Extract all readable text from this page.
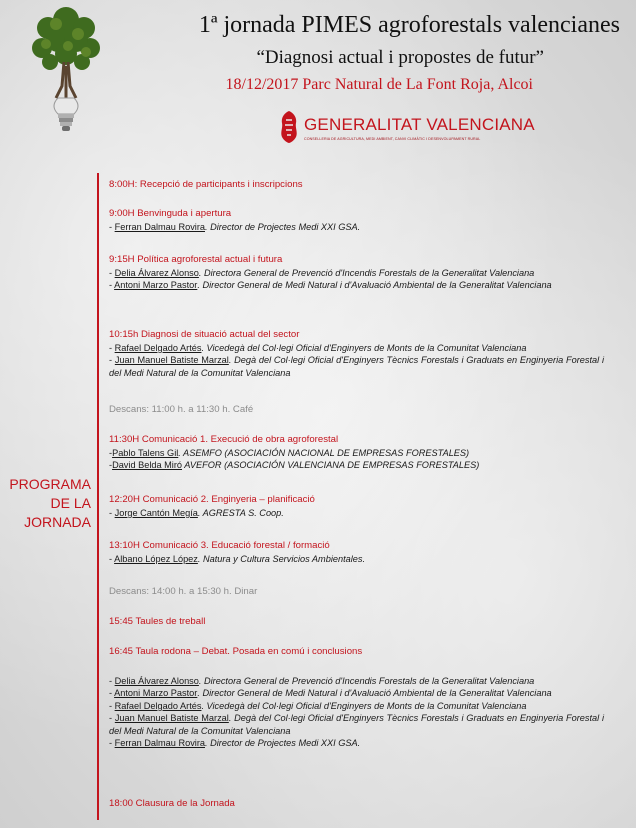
1ª jornada PIMES agroforestals valencianes
“Diagnosi actual i propostes de futur”
18/12/2017 Parc Natural de La Font Roja, Alcoi
GENERALITAT VALENCIANA
CONSELLERIA DE AGRICULTURA, MEDI AMBIENT, CANVI CLIMÀTIC I DESENVOLUPAMENT RURAL
PROGRAMA
DE LA
JORNADA
8:00H: Recepció de participants i inscripcions
9:00H Benvinguda i apertura
- Ferran Dalmau Rovira. Director de Projectes Medi XXI GSA.
9:15H Política agroforestal actual i futura
- Delia Álvarez Alonso. Directora General de Prevenció d'Incendis Forestals de la Generalitat Valenciana
- Antoni Marzo Pastor. Director General de Medi Natural i d'Avaluació Ambiental de la Generalitat Valenciana
10:15h Diagnosi de situació actual del sector
- Rafael Delgado Artés. Vicedegà del Col·legi Oficial d'Enginyers de Monts de la Comunitat Valenciana
- Juan Manuel Batiste Marzal. Degà del Col·legi Oficial d'Enginyers Tècnics Forestals i Graduats en Enginyeria Forestal i del Medi Natural de la Comunitat Valenciana
Descans: 11:00 h. a 11:30 h. Café
11:30H Comunicació 1. Execució de obra agroforestal
-Pablo Talens Gil. ASEMFO (ASOCIACIÓN NACIONAL DE EMPRESAS FORESTALES)
-David Belda Miró AVEFOR (ASOCIACIÓN VALENCIANA DE EMPRESAS FORESTALES)
12:20H Comunicació 2. Enginyeria – planificació
- Jorge Cantón Megía. AGRESTA S. Coop.
13:10H Comunicació 3. Educació forestal / formació
- Albano López López. Natura y Cultura Servicios Ambientales.
Descans: 14:00 h. a 15:30 h. Dinar
15:45 Taules de treball
16:45 Taula rodona – Debat. Posada en comú i conclusions
- Delia Álvarez Alonso. Directora General de Prevenció d'Incendis Forestals de la Generalitat Valenciana
- Antoni Marzo Pastor. Director General de Medi Natural i d'Avaluació Ambiental de la Generalitat Valenciana
- Rafael Delgado Artés. Vicedegà del Col·legi Oficial d'Enginyers de Monts de la Comunitat Valenciana
- Juan Manuel Batiste Marzal. Degà del Col·legi Oficial d'Enginyers Tècnics Forestals i Graduats en Enginyeria Forestal i del Medi Natural de la Comunitat Valenciana
- Ferran Dalmau Rovira. Director de Projectes Medi XXI GSA.
18:00 Clausura de la Jornada
